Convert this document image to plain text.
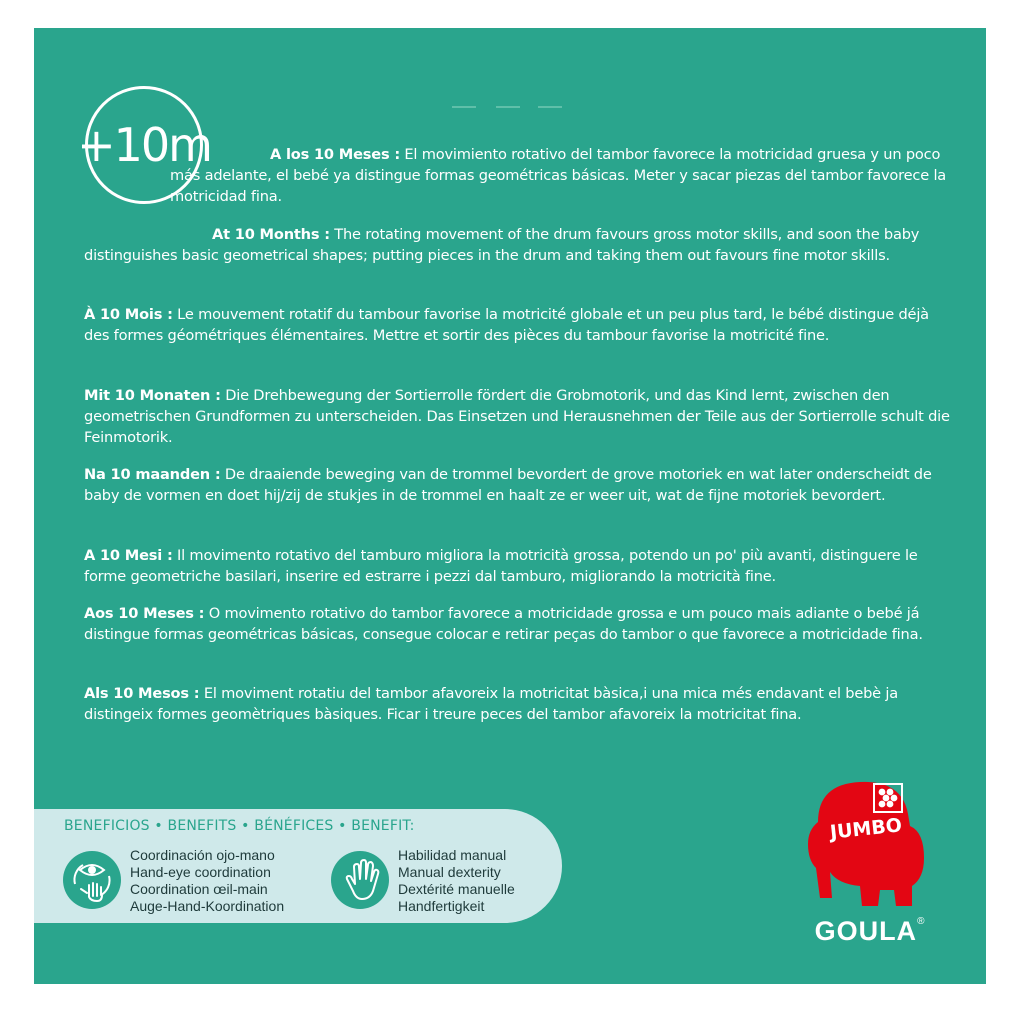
+10m	A los 10 Meses : El movimiento rotativo del tambor favorece la motricidad gruesa y un poco más adelante, el bebé ya distingue formas geométricas básicas. Meter y sacar piezas del tambor favorece la motricidad fina.

At 10 Months : The rotating movement of the drum favours gross motor skills, and soon the baby distinguishes basic geometrical shapes; putting pieces in the drum and taking them out favours fine motor skills.

À 10 Mois : Le mouvement rotatif du tambour favorise la motricité globale et un peu plus tard, le bébé distingue déjà des formes géométriques élémentaires. Mettre et sortir des pièces du tambour favorise la motricité fine.

Mit 10 Monaten : Die Drehbewegung der Sortierrolle fördert die Grobmotorik, und das Kind lernt, zwischen den geometrischen Grundformen zu unterscheiden. Das Einsetzen und Herausnehmen der Teile aus der Sortierrolle schult die Feinmotorik.

Na 10 maanden : De draaiende beweging van de trommel bevordert de grove motoriek en wat later onderscheidt de baby de vormen en doet hij/zij de stukjes in de trommel en haalt ze er weer uit, wat de fijne motoriek bevordert.

A 10 Mesi : Il movimento rotativo del tamburo migliora la motricità grossa, potendo un po' più avanti, distinguere le forme geometriche basilari, inserire ed estrarre i pezzi dal tamburo, migliorando la motricità fine.

Aos 10 Meses : O movimento rotativo do tambor favorece a motricidade grossa e um pouco mais adiante o bebé já distingue formas geométricas básicas, consegue colocar e retirar peças do tambor o que favorece a motricidade fina.

Als 10 Mesos : El moviment rotatiu del tambor afavoreix la motricitat bàsica,i una mica més endavant el bebè ja distingeix formes geomètriques bàsiques. Ficar i treure peces del tambor afavoreix la motricitat fina.

BENEFICIOS • BENEFITS • BÉNÉFICES • BENEFIT:
Coordinación ojo-mano
Hand-eye coordination
Coordination œil-main
Auge-Hand-Koordination
Habilidad manual
Manual dexterity
Dextérité manuelle
Handfertigkeit
JUMBO
GOULA®
